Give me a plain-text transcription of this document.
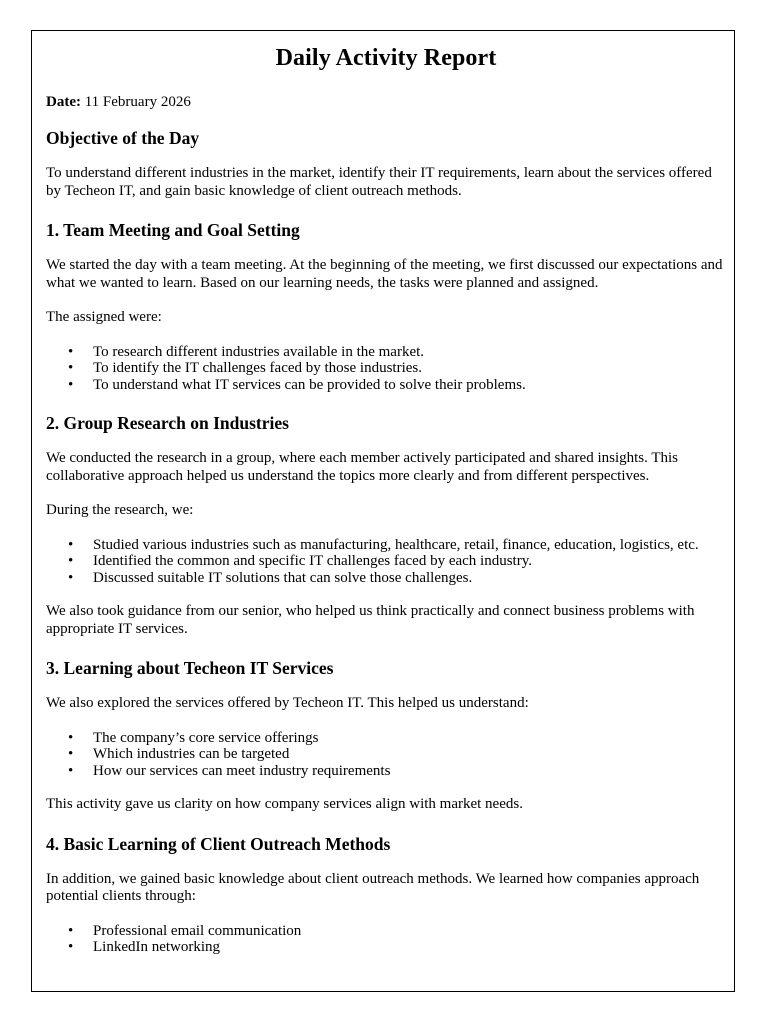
Daily Activity Report

Date: 11 February 2026

Objective of the Day

To understand different industries in the market, identify their IT requirements, learn about the services offered by Techeon IT, and gain basic knowledge of client outreach methods.

1. Team Meeting and Goal Setting

We started the day with a team meeting. At the beginning of the meeting, we first discussed our expectations and what we wanted to learn. Based on our learning needs, the tasks were planned and assigned.

The assigned were:

• To research different industries available in the market.
• To identify the IT challenges faced by those industries.
• To understand what IT services can be provided to solve their problems.
2. Group Research on Industries

We conducted the research in a group, where each member actively participated and shared insights. This collaborative approach helped us understand the topics more clearly and from different perspectives.

During the research, we:

• Studied various industries such as manufacturing, healthcare, retail, finance, education, logistics, etc.
• Identified the common and specific IT challenges faced by each industry.
• Discussed suitable IT solutions that can solve those challenges.

We also took guidance from our senior, who helped us think practically and connect business problems with appropriate IT services.

3. Learning about Techeon IT Services

We also explored the services offered by Techeon IT. This helped us understand:

• The company’s core service offerings
• Which industries can be targeted
• How our services can meet industry requirements

This activity gave us clarity on how company services align with market needs.

4. Basic Learning of Client Outreach Methods

In addition, we gained basic knowledge about client outreach methods. We learned how companies approach potential clients through:

• Professional email communication
• LinkedIn networking
